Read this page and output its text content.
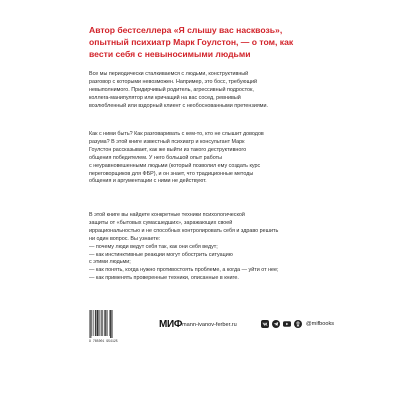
Автор бестселлера «Я слышу вас насквозь»,
опытный психиатр Марк Гоулстон, — о том, как
вести себя с невыносимыми людьми
Все мы периодически сталкиваемся с людьми, конструктивный
разговор с которыми невозможен. Например, это босс, требующий
невыполнимого. Придирчивый родитель, агрессивный подросток,
коллега-манипулятор или кричащий на вас сосед, ревнивый
возлюбленный или вздорный клиент с необоснованными претензиями.
Как с ними быть? Как разговаривать с кем-то, кто не слышит доводов
разума? В этой книге известный психиатр и консультант Марк
Гоулстон рассказывает, как же выйти из такого деструктивного
общения победителем. У него большой опыт работы
с неуравновешенными людьми (который позволил ему создать курс
переговорщиков для ФБР), и он знает, что традиционные методы
общения и аргументации с ними не действуют.
В этой книге вы найдете конкретные техники психологической
защиты от «бытовых сумасшедших», заражающих своей
иррациональностью и не способных контролировать себя и здраво решить
ни один вопрос. Вы узнаете:
— почему люди ведут себя так, как они себя ведут;
— как инстинктивные реакции могут обострить ситуацию
с этими людьми;
— как понять, когда нужно противостоять проблеме, а когда — уйти от нее;
— как применять проверенные техники, описанные в книге.
9 785001 954125
МИФ mann-ivanov-ferber.ru	@mifbooks
